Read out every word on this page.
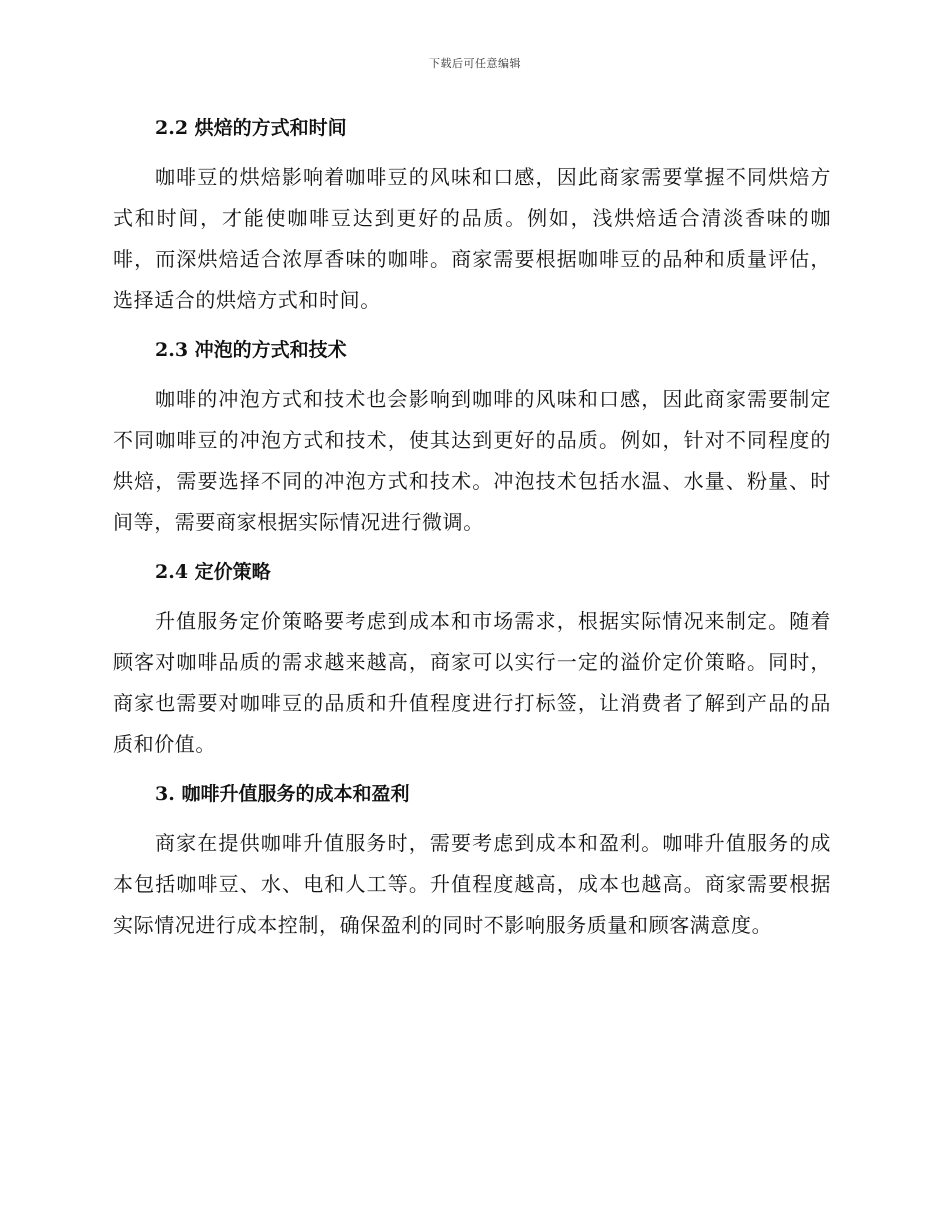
下载后可任意编辑
2.2 烘焙的方式和时间

咖啡豆的烘焙影响着咖啡豆的风味和口感，因此商家需要掌握不同烘焙方式和时间，才能使咖啡豆达到更好的品质。例如，浅烘焙适合清淡香味的咖啡，而深烘焙适合浓厚香味的咖啡。商家需要根据咖啡豆的品种和质量评估，选择适合的烘焙方式和时间。

2.3 冲泡的方式和技术

咖啡的冲泡方式和技术也会影响到咖啡的风味和口感，因此商家需要制定不同咖啡豆的冲泡方式和技术，使其达到更好的品质。例如，针对不同程度的烘焙，需要选择不同的冲泡方式和技术。冲泡技术包括水温、水量、粉量、时间等，需要商家根据实际情况进行微调。

2.4 定价策略

升值服务定价策略要考虑到成本和市场需求，根据实际情况来制定。随着顾客对咖啡品质的需求越来越高，商家可以实行一定的溢价定价策略。同时，商家也需要对咖啡豆的品质和升值程度进行打标签，让消费者了解到产品的品质和价值。

3. 咖啡升值服务的成本和盈利

商家在提供咖啡升值服务时，需要考虑到成本和盈利。咖啡升值服务的成本包括咖啡豆、水、电和人工等。升值程度越高，成本也越高。商家需要根据实际情况进行成本控制，确保盈利的同时不影响服务质量和顾客满意度。
